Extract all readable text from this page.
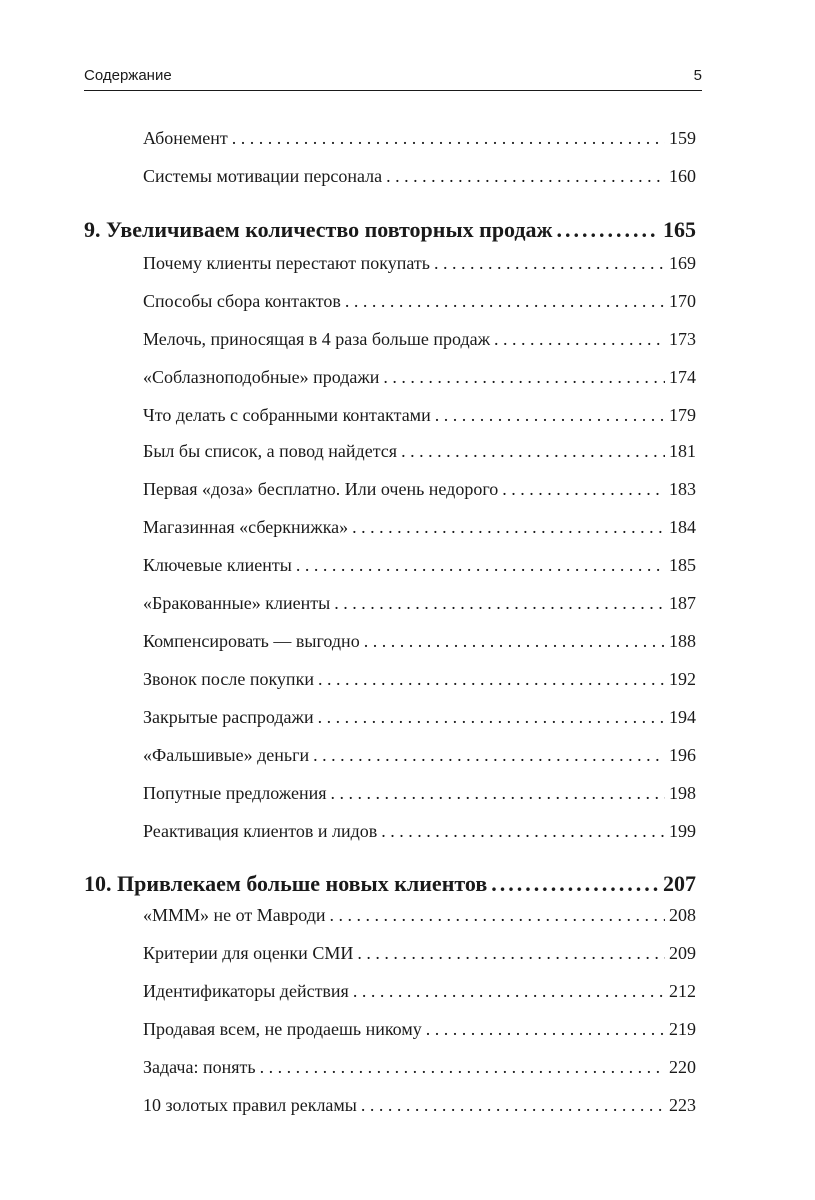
Содержание	5
Абонемент . . .	159
Системы мотивации персонала . . .	160
9. Увеличиваем количество повторных продаж .....	165
Почему клиенты перестают покупать . . .	169
Способы сбора контактов . . .	170
Мелочь, приносящая в 4 раза больше продаж . . .	173
«Соблазноподобные» продажи . . .	174
Что делать с собранными контактами . . .	179
Был бы список, а повод найдется . . .	181
Первая «доза» бесплатно. Или очень недорого . . .	183
Магазинная «сберкнижка» . . .	184
Ключевые клиенты . . .	185
«Бракованные» клиенты . . .	187
Компенсировать — выгодно . . .	188
Звонок после покупки . . .	192
Закрытые распродажи . . .	194
«Фальшивые» деньги . . .	196
Попутные предложения . . .	198
Реактивация клиентов и лидов . . .	199
10. Привлекаем больше новых клиентов .....	207
«МММ» не от Мавроди . . .	208
Критерии для оценки СМИ . . .	209
Идентификаторы действия . . .	212
Продавая всем, не продаешь никому . . .	219
Задача: понять . . .	220
10 золотых правил рекламы . . .	223
